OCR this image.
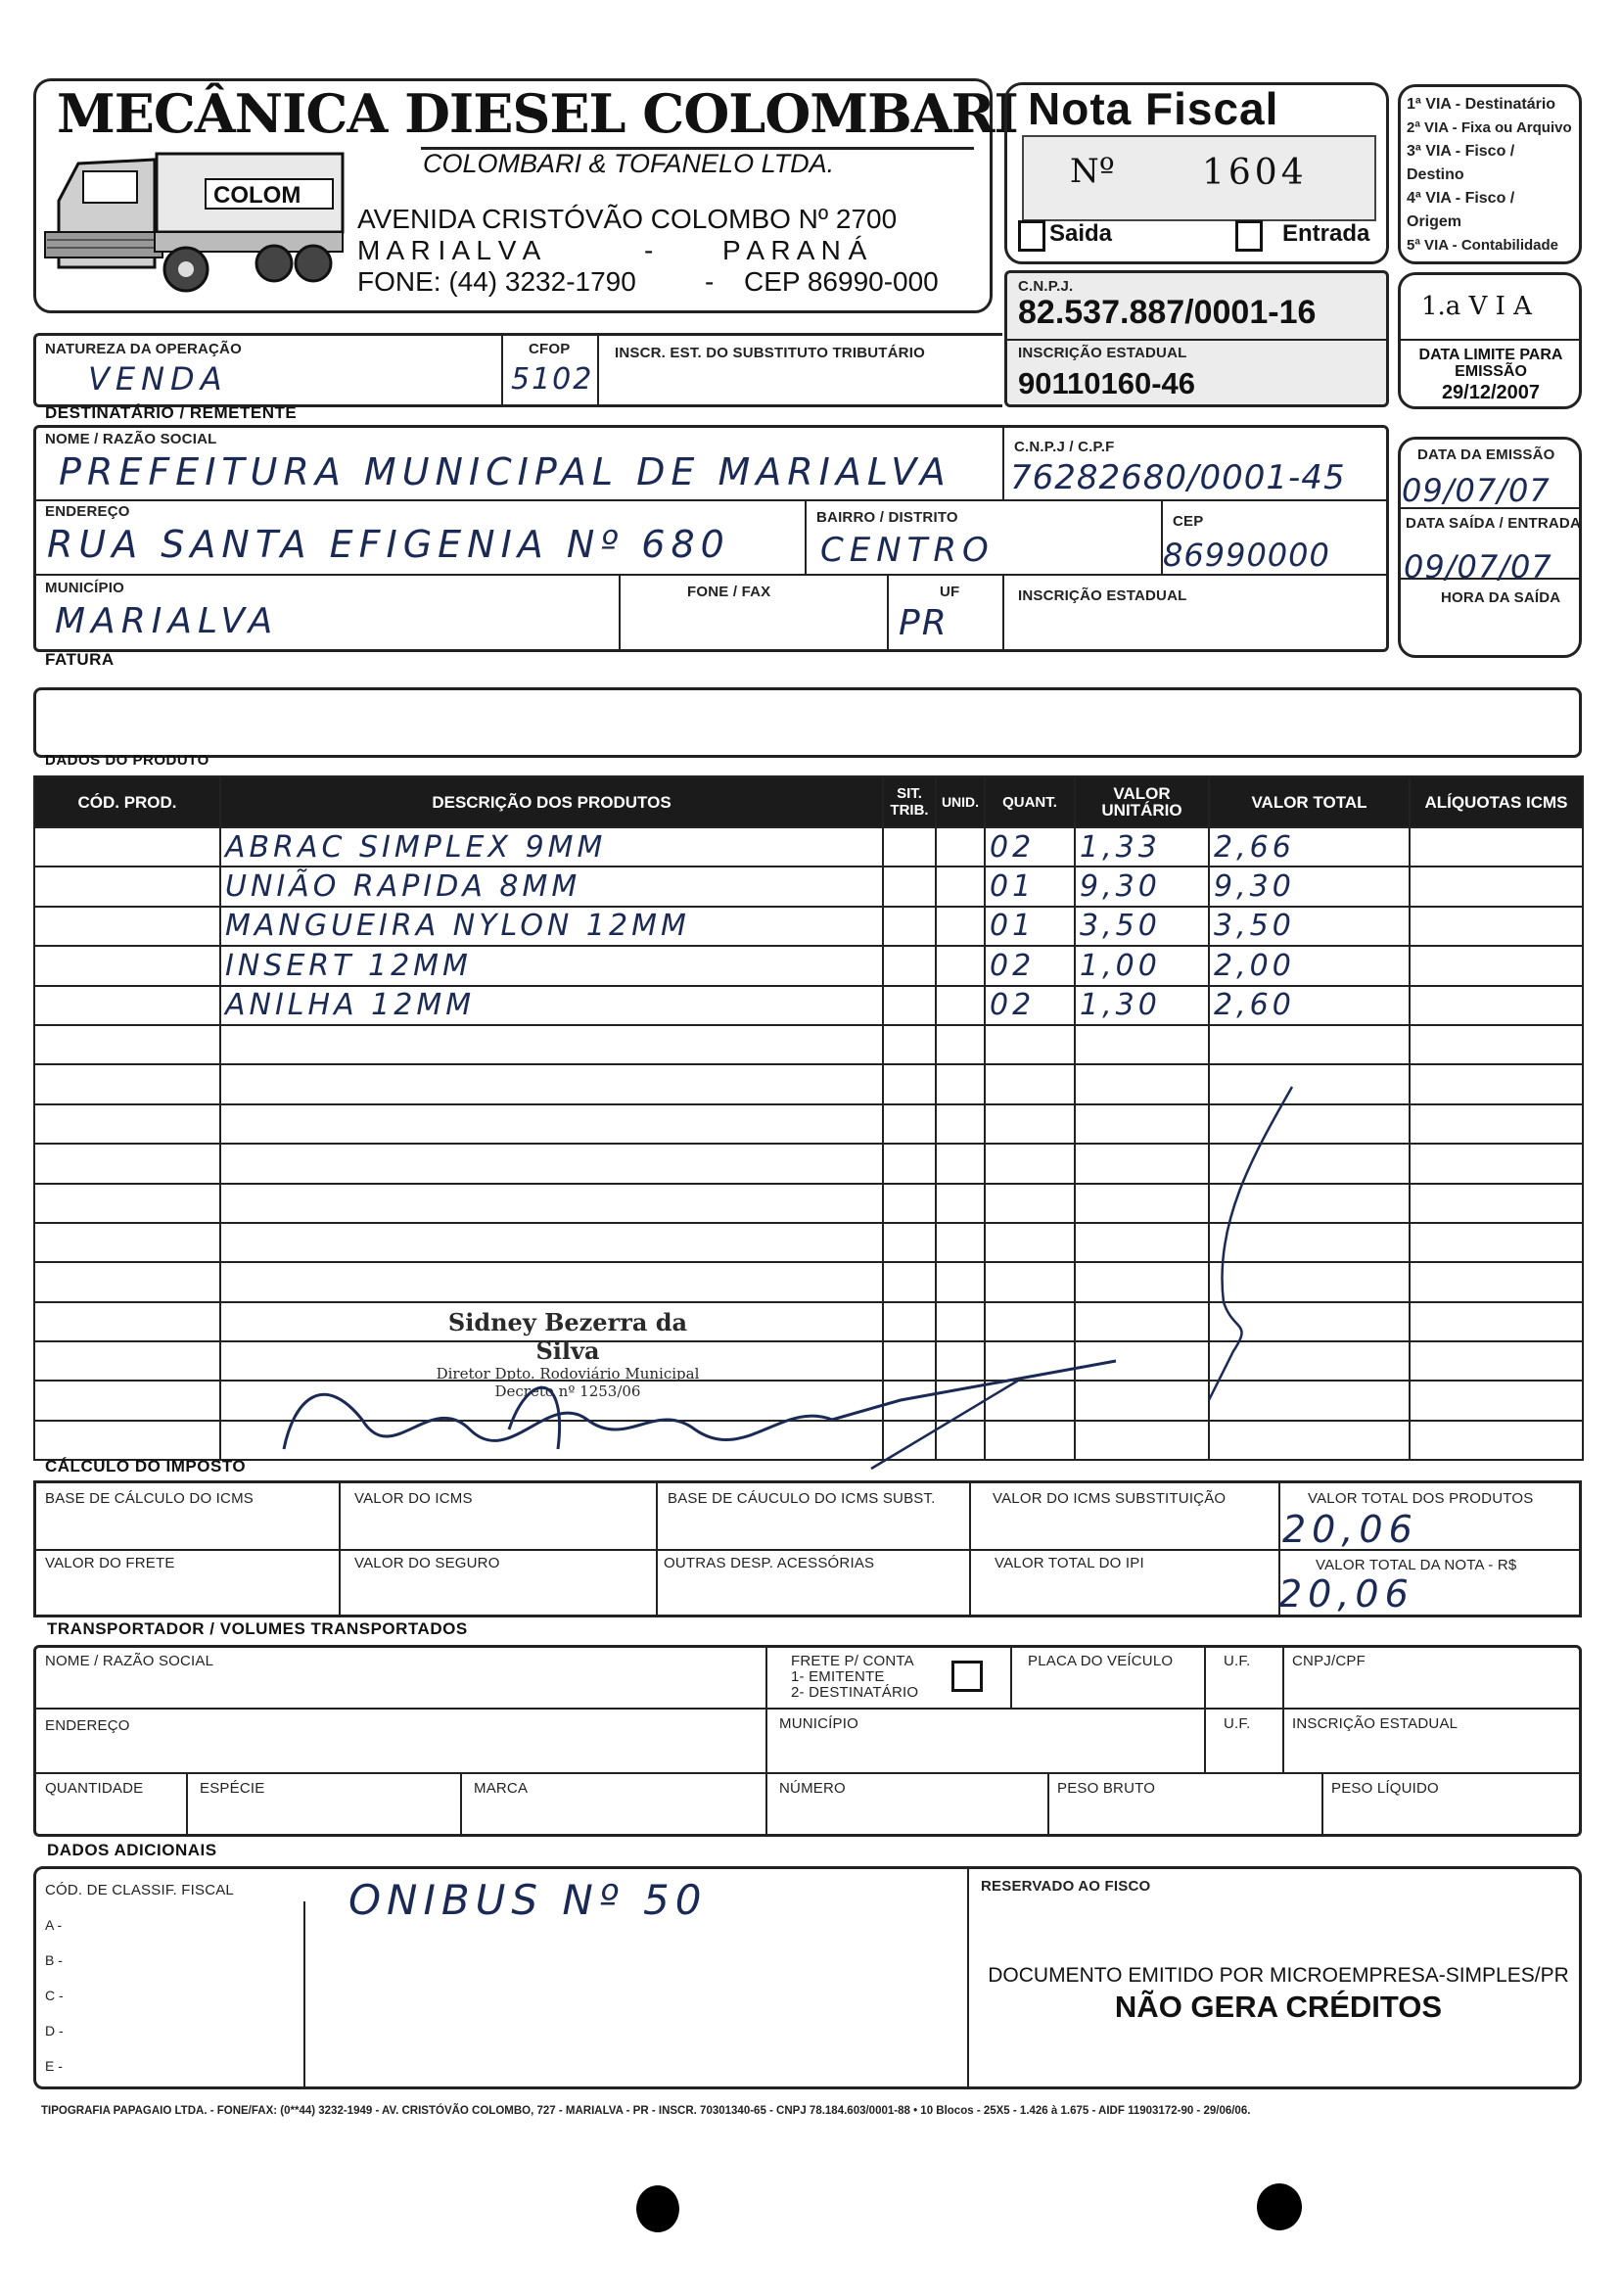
MECÂNICA DIESEL COLOMBARI
COLOMBARI & TOFANELO LTDA.
COLOM
AVENIDA CRISTÓVÃO COLOMBO Nº 2700
M A R I A L V A	-	P A R A N Á
FONE: (44) 3232-1790	CEP 86990-000
-
Nota Fiscal
Nº 1604
Saida	Entrada
1ª VIA - Destinatário
2ª VIA - Fixa ou Arquivo
3ª VIA - Fisco / Destino
4ª VIA - Fisco / Origem
5ª VIA - Contabilidade
C.N.P.J.
82.537.887/0001-16
INSCRIÇÃO ESTADUAL
90110160-46
1.a V I A
DATA LIMITE PARA EMISSÃO
29/12/2007
NATUREZA DA OPERAÇÃO
VENDA
CFOP
5102
INSCR. EST. DO SUBSTITUTO TRIBUTÁRIO
DESTINATÁRIO / REMETENTE
NOME / RAZÃO SOCIAL
PREFEITURA MUNICIPAL DE MARIALVA
C.N.P.J / C.P.F
76282680/0001-45
ENDEREÇO
RUA SANTA EFIGENIA Nº 680
BAIRRO / DISTRITO
CENTRO
CEP
86990000
MUNICÍPIO
MARIALVA
FONE / FAX	UF
PR
INSCRIÇÃO ESTADUAL
DATA DA EMISSÃO
09/07/07
DATA SAÍDA / ENTRADA
09/07/07
HORA DA SAÍDA
FATURA
DADOS DO PRODUTO
CÓD. PROD.	DESCRIÇÃO DOS PRODUTOS	SIT. TRIB.	UNID.	QUANT.	VALOR UNITÁRIO	VALOR TOTAL	ALÍQUOTAS ICMS
	ABRAC SIMPLEX 9MM			02	1,33	2,66	
	UNIÃO RAPIDA 8MM			01	9,30	9,30	
	MANGUEIRA NYLON 12MM			01	3,50	3,50	
	INSERT 12MM			02	1,00	2,00	
	ANILHA 12MM			02	1,30	2,60	

Sidney Bezerra da Silva
Diretor Dpto. Rodoviário Municipal
Decreto nº 1253/06
CÁLCULO DO IMPOSTO
BASE DE CÁLCULO DO ICMS	VALOR DO ICMS	BASE DE CÁUCULO DO ICMS SUBST.	VALOR DO ICMS SUBSTITUIÇÃO	VALOR TOTAL DOS PRODUTOS
20,06
VALOR DO FRETE	VALOR DO SEGURO	OUTRAS DESP. ACESSÓRIAS	VALOR TOTAL DO IPI	VALOR TOTAL DA NOTA - R$
20,06
TRANSPORTADOR / VOLUMES TRANSPORTADOS
NOME / RAZÃO SOCIAL	FRETE P/ CONTA
1- EMITENTE
2- DESTINATÁRIO
PLACA DO VEÍCULO	U.F.	CNPJ/CPF
ENDEREÇO	MUNICÍPIO	U.F.	INSCRIÇÃO ESTADUAL
QUANTIDADE	ESPÉCIE	MARCA	NÚMERO	PESO BRUTO	PESO LÍQUIDO
DADOS ADICIONAIS
CÓD. DE CLASSIF. FISCAL
A -
B -
C -
D -
E -
ONIBUS Nº 50	RESERVADO AO FISCO
DOCUMENTO EMITIDO POR MICROEMPRESA-SIMPLES/PR
NÃO GERA CRÉDITOS
TIPOGRAFIA PAPAGAIO LTDA. - FONE/FAX: (0**44) 3232-1949 - AV. CRISTÓVÃO COLOMBO, 727 - MARIALVA - PR - INSCR. 70301340-65 - CNPJ 78.184.603/0001-88 • 10 Blocos - 25X5 - 1.426 à 1.675 - AIDF 11903172-90 - 29/06/06.
